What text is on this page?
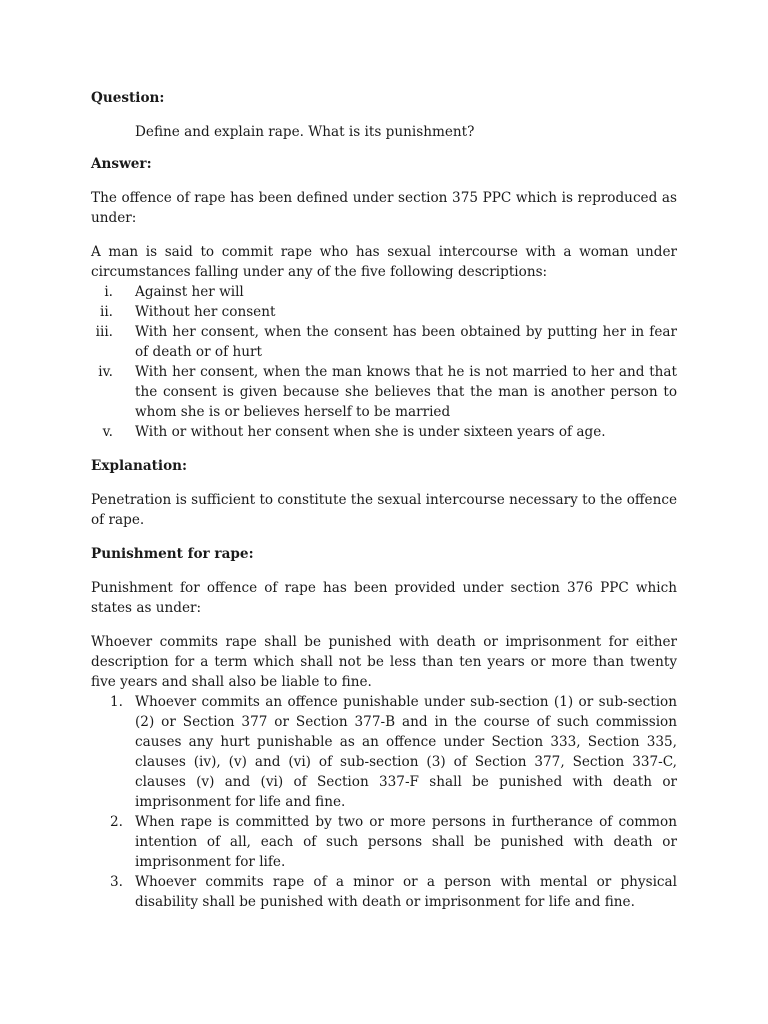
Question:

Define and explain rape. What is its punishment?

Answer:

The offence of rape has been defined under section 375 PPC which is reproduced as under:

A man is said to commit rape who has sexual intercourse with a woman under circumstances falling under any of the five following descriptions:

i. Against her will
ii. Without her consent
iii. With her consent, when the consent has been obtained by putting her in fear of death or of hurt
iv. With her consent, when the man knows that he is not married to her and that the consent is given because she believes that the man is another person to whom she is or believes herself to be married
v. With or without her consent when she is under sixteen years of age.

Explanation:

Penetration is sufficient to constitute the sexual intercourse necessary to the offence of rape.

Punishment for rape:

Punishment for offence of rape has been provided under section 376 PPC which states as under:

Whoever commits rape shall be punished with death or imprisonment for either description for a term which shall not be less than ten years or more than twenty five years and shall also be liable to fine.

1. Whoever commits an offence punishable under sub-section (1) or sub-section (2) or Section 377 or Section 377-B and in the course of such commission causes any hurt punishable as an offence under Section 333, Section 335, clauses (iv), (v) and (vi) of sub-section (3) of Section 377, Section 337-C, clauses (v) and (vi) of Section 337-F shall be punished with death or imprisonment for life and fine.
2. When rape is committed by two or more persons in furtherance of common intention of all, each of such persons shall be punished with death or imprisonment for life.
3. Whoever commits rape of a minor or a person with mental or physical disability shall be punished with death or imprisonment for life and fine.
